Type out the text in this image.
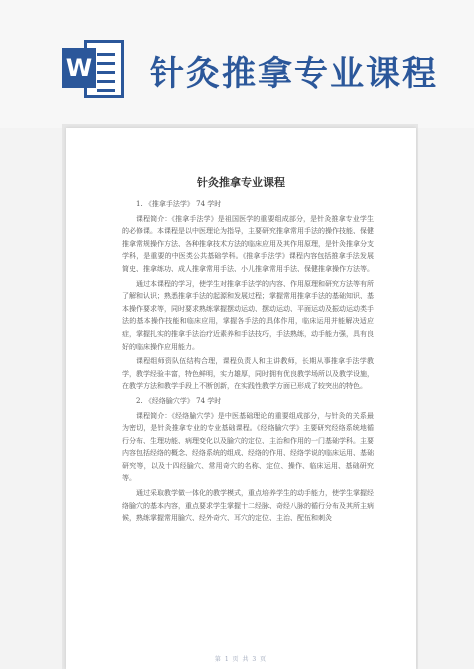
W 针灸推拿专业课程
针灸推拿专业课程

1. 《推拿手法学》 74 学时

课程简介：《推拿手法学》是祖国医学的重要组成部分，是针灸推拿专业学生的必修课。本课程是以中医理论为指导，主要研究推拿常用手法的操作技能、保健推拿常规操作方法、各种推拿技术方法的临床应用及其作用原理，是针灸推拿分支学科，是重要的中医类公共基础学科。《推拿手法学》课程内容包括推拿手法发展简史、推拿练功、成人推拿常用手法、小儿推拿常用手法、保健推拿操作方法等。

通过本课程的学习，使学生对推拿手法学的内容、作用原理和研究方法等有所了解和认识；熟悉推拿手法的起源和发展过程；掌握常用推拿手法的基础知识、基本操作要求等，同时要求熟练掌握摆动运动、摆动运动、平面运动及振动运动类手法的基本操作技能和临床应用，掌握各手法的具体作用，临床运用并能解决适应症，掌握扎实的推拿手法治疗近素养和手法技巧，手法熟练，动手能力强，具有良好的临床操作应用能力。

课程组师资队伍结构合理，课程负责人和主讲教师，长期从事推拿手法学教学，教学经验丰富，特色鲜明，实力雄厚，同时拥有优良教学场所以及教学设施，在教学方法和教学手段上不断创新，在实践性教学方面已形成了较突出的特色。

2. 《经络腧穴学》 74 学时

课程简介：《经络腧穴学》是中医基础理论的重要组成部分，与针灸的关系最为密切，是针灸推拿专业的专业基础课程。《经络腧穴学》主要研究经络系统地循行分布、生理功能、病理变化以及腧穴的定位、主治和作用的一门基础学科。主要内容包括经络的概念、经络系统的组成、经络的作用、经络学说的临床运用、基础研究等，以及十四经腧穴、常用奇穴的名称、定位、操作、临床运用、基础研究等。

通过采取教学做一体化的教学模式，重点培养学生的动手能力，使学生掌握经络腧穴的基本内容，重点要求学生掌握十二经脉、奇经八脉的循行分布及其所主病候，熟练掌握常用腧穴、经外奇穴、耳穴的定位、主治、配伍和刺灸

第 1 页 共 3 页
